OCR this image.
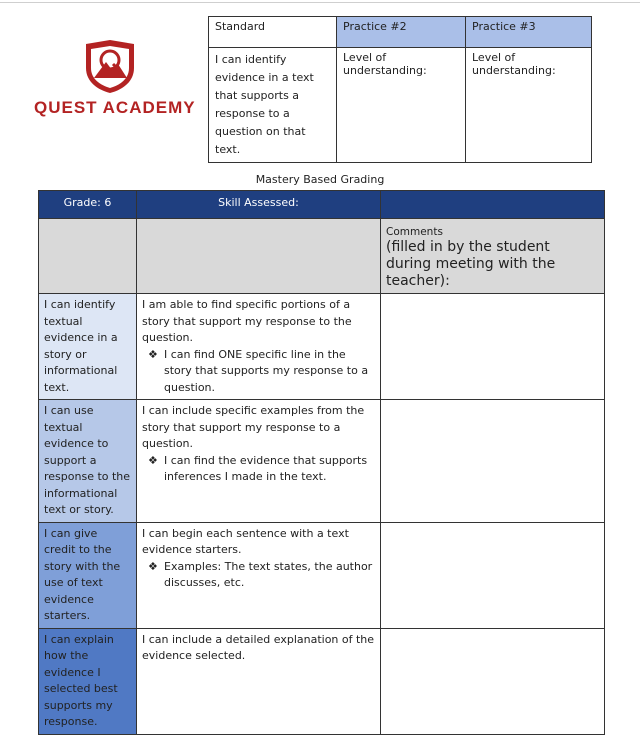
QUEST ACADEMY
Standard	Practice #2	Practice #3
I can identify evidence in a text that supports a response to a question on that text.	Level of understanding:	Level of understanding:
Mastery Based Grading
Grade: 6	Skill Assessed:	
		Comments
(filled in by the student during meeting with the teacher):
I can identify textual evidence in a story or informational text.	I am able to find specific portions of a story that support my response to the question.
❖ I can find ONE specific line in the story that supports my response to a question.	

I can use textual evidence to support a response to the informational text or story.	I can include specific examples from the story that support my response to a question.
❖ I can find the evidence that supports inferences I made in the text.	

I can give credit to the story with the use of text evidence starters.	I can begin each sentence with a text evidence starters.
❖ Examples: The text states, the author discusses, etc.	

I can explain how the evidence I selected best supports my response.	I can include a detailed explanation of the evidence selected.	
